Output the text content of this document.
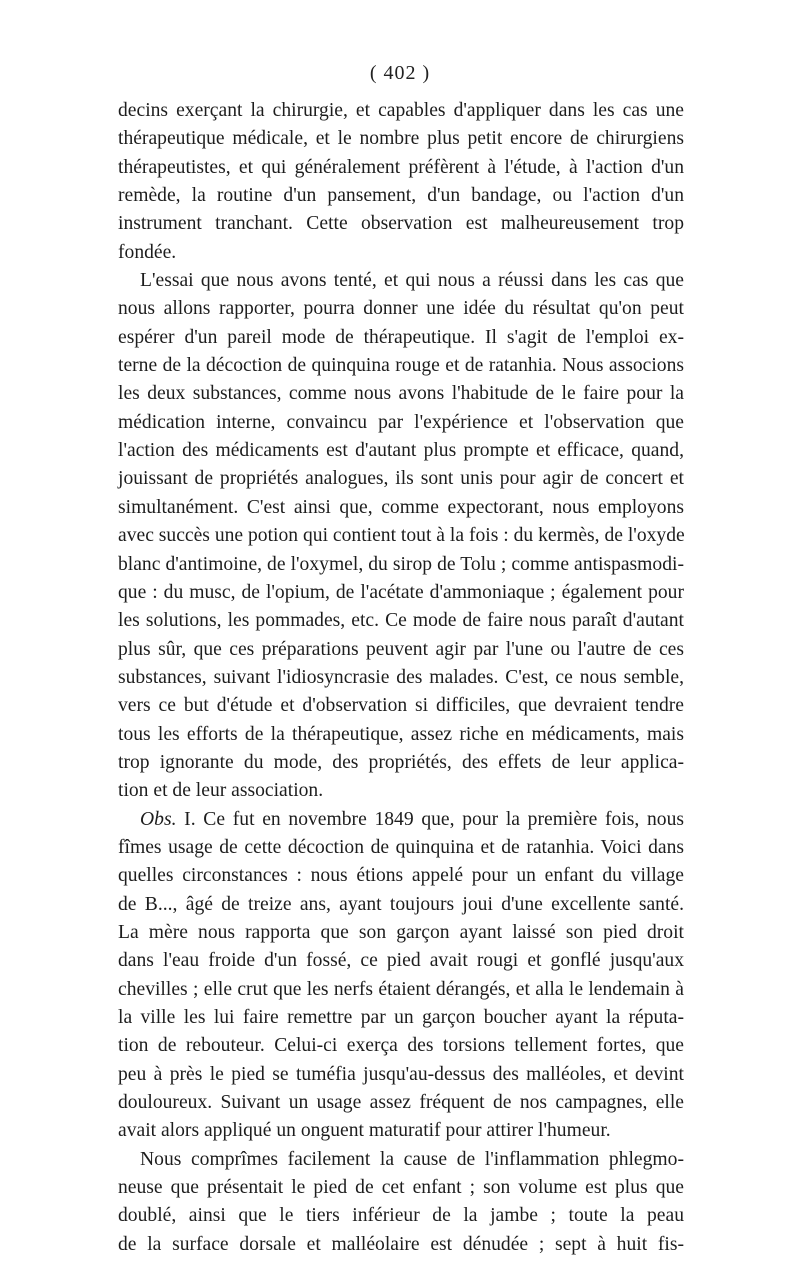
( 402 )
decins exerçant la chirurgie, et capables d'appliquer dans les cas une
thérapeutique médicale, et le nombre plus petit encore de chirurgiens
thérapeutistes, et qui généralement préfèrent à l'étude, à l'action d'un
remède, la routine d'un pansement, d'un bandage, ou l'action d'un
instrument tranchant. Cette observation est malheureusement trop
fondée.
L'essai que nous avons tenté, et qui nous a réussi dans les cas que
nous allons rapporter, pourra donner une idée du résultat qu'on peut
espérer d'un pareil mode de thérapeutique. Il s'agit de l'emploi ex-
terne de la décoction de quinquina rouge et de ratanhia. Nous associons
les deux substances, comme nous avons l'habitude de le faire pour la
médication interne, convaincu par l'expérience et l'observation que
l'action des médicaments est d'autant plus prompte et efficace, quand,
jouissant de propriétés analogues, ils sont unis pour agir de concert et
simultanément. C'est ainsi que, comme expectorant, nous employons
avec succès une potion qui contient tout à la fois : du kermès, de l'oxyde
blanc d'antimoine, de l'oxymel, du sirop de Tolu ; comme antispasmodi-
que : du musc, de l'opium, de l'acétate d'ammoniaque ; également pour
les solutions, les pommades, etc. Ce mode de faire nous paraît d'autant
plus sûr, que ces préparations peuvent agir par l'une ou l'autre de ces
substances, suivant l'idiosyncrasie des malades. C'est, ce nous semble,
vers ce but d'étude et d'observation si difficiles, que devraient tendre
tous les efforts de la thérapeutique, assez riche en médicaments, mais
trop ignorante du mode, des propriétés, des effets de leur applica-
tion et de leur association.
Obs. I. Ce fut en novembre 1849 que, pour la première fois, nous
fîmes usage de cette décoction de quinquina et de ratanhia. Voici dans
quelles circonstances : nous étions appelé pour un enfant du village
de B..., âgé de treize ans, ayant toujours joui d'une excellente santé.
La mère nous rapporta que son garçon ayant laissé son pied droit
dans l'eau froide d'un fossé, ce pied avait rougi et gonflé jusqu'aux
chevilles ; elle crut que les nerfs étaient dérangés, et alla le lendemain à
la ville les lui faire remettre par un garçon boucher ayant la réputa-
tion de rebouteur. Celui-ci exerça des torsions tellement fortes, que
peu à près le pied se tuméfia jusqu'au-dessus des malléoles, et devint
douloureux. Suivant un usage assez fréquent de nos campagnes, elle
avait alors appliqué un onguent maturatif pour attirer l'humeur.
Nous comprîmes facilement la cause de l'inflammation phlegmo-
neuse que présentait le pied de cet enfant ; son volume est plus que
doublé, ainsi que le tiers inférieur de la jambe ; toute la peau
de la surface dorsale et malléolaire est dénudée ; sept à huit fis-
